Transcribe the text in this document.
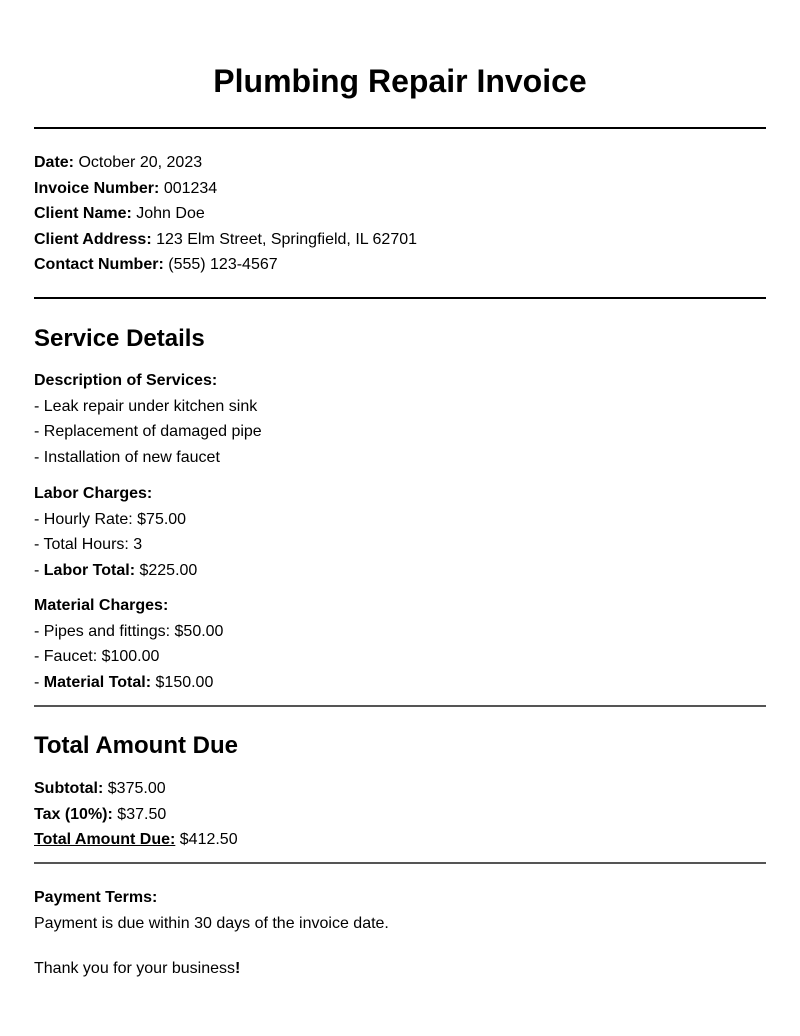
Plumbing Repair Invoice
Date: October 20, 2023
Invoice Number: 001234
Client Name: John Doe
Client Address: 123 Elm Street, Springfield, IL 62701
Contact Number: (555) 123-4567
Service Details
Description of Services:
- Leak repair under kitchen sink
- Replacement of damaged pipe
- Installation of new faucet
Labor Charges:
- Hourly Rate: $75.00
- Total Hours: 3
- Labor Total: $225.00
Material Charges:
- Pipes and fittings: $50.00
- Faucet: $100.00
- Material Total: $150.00
Total Amount Due
Subtotal: $375.00
Tax (10%): $37.50
Total Amount Due: $412.50
Payment Terms:
Payment is due within 30 days of the invoice date.
Thank you for your business!
